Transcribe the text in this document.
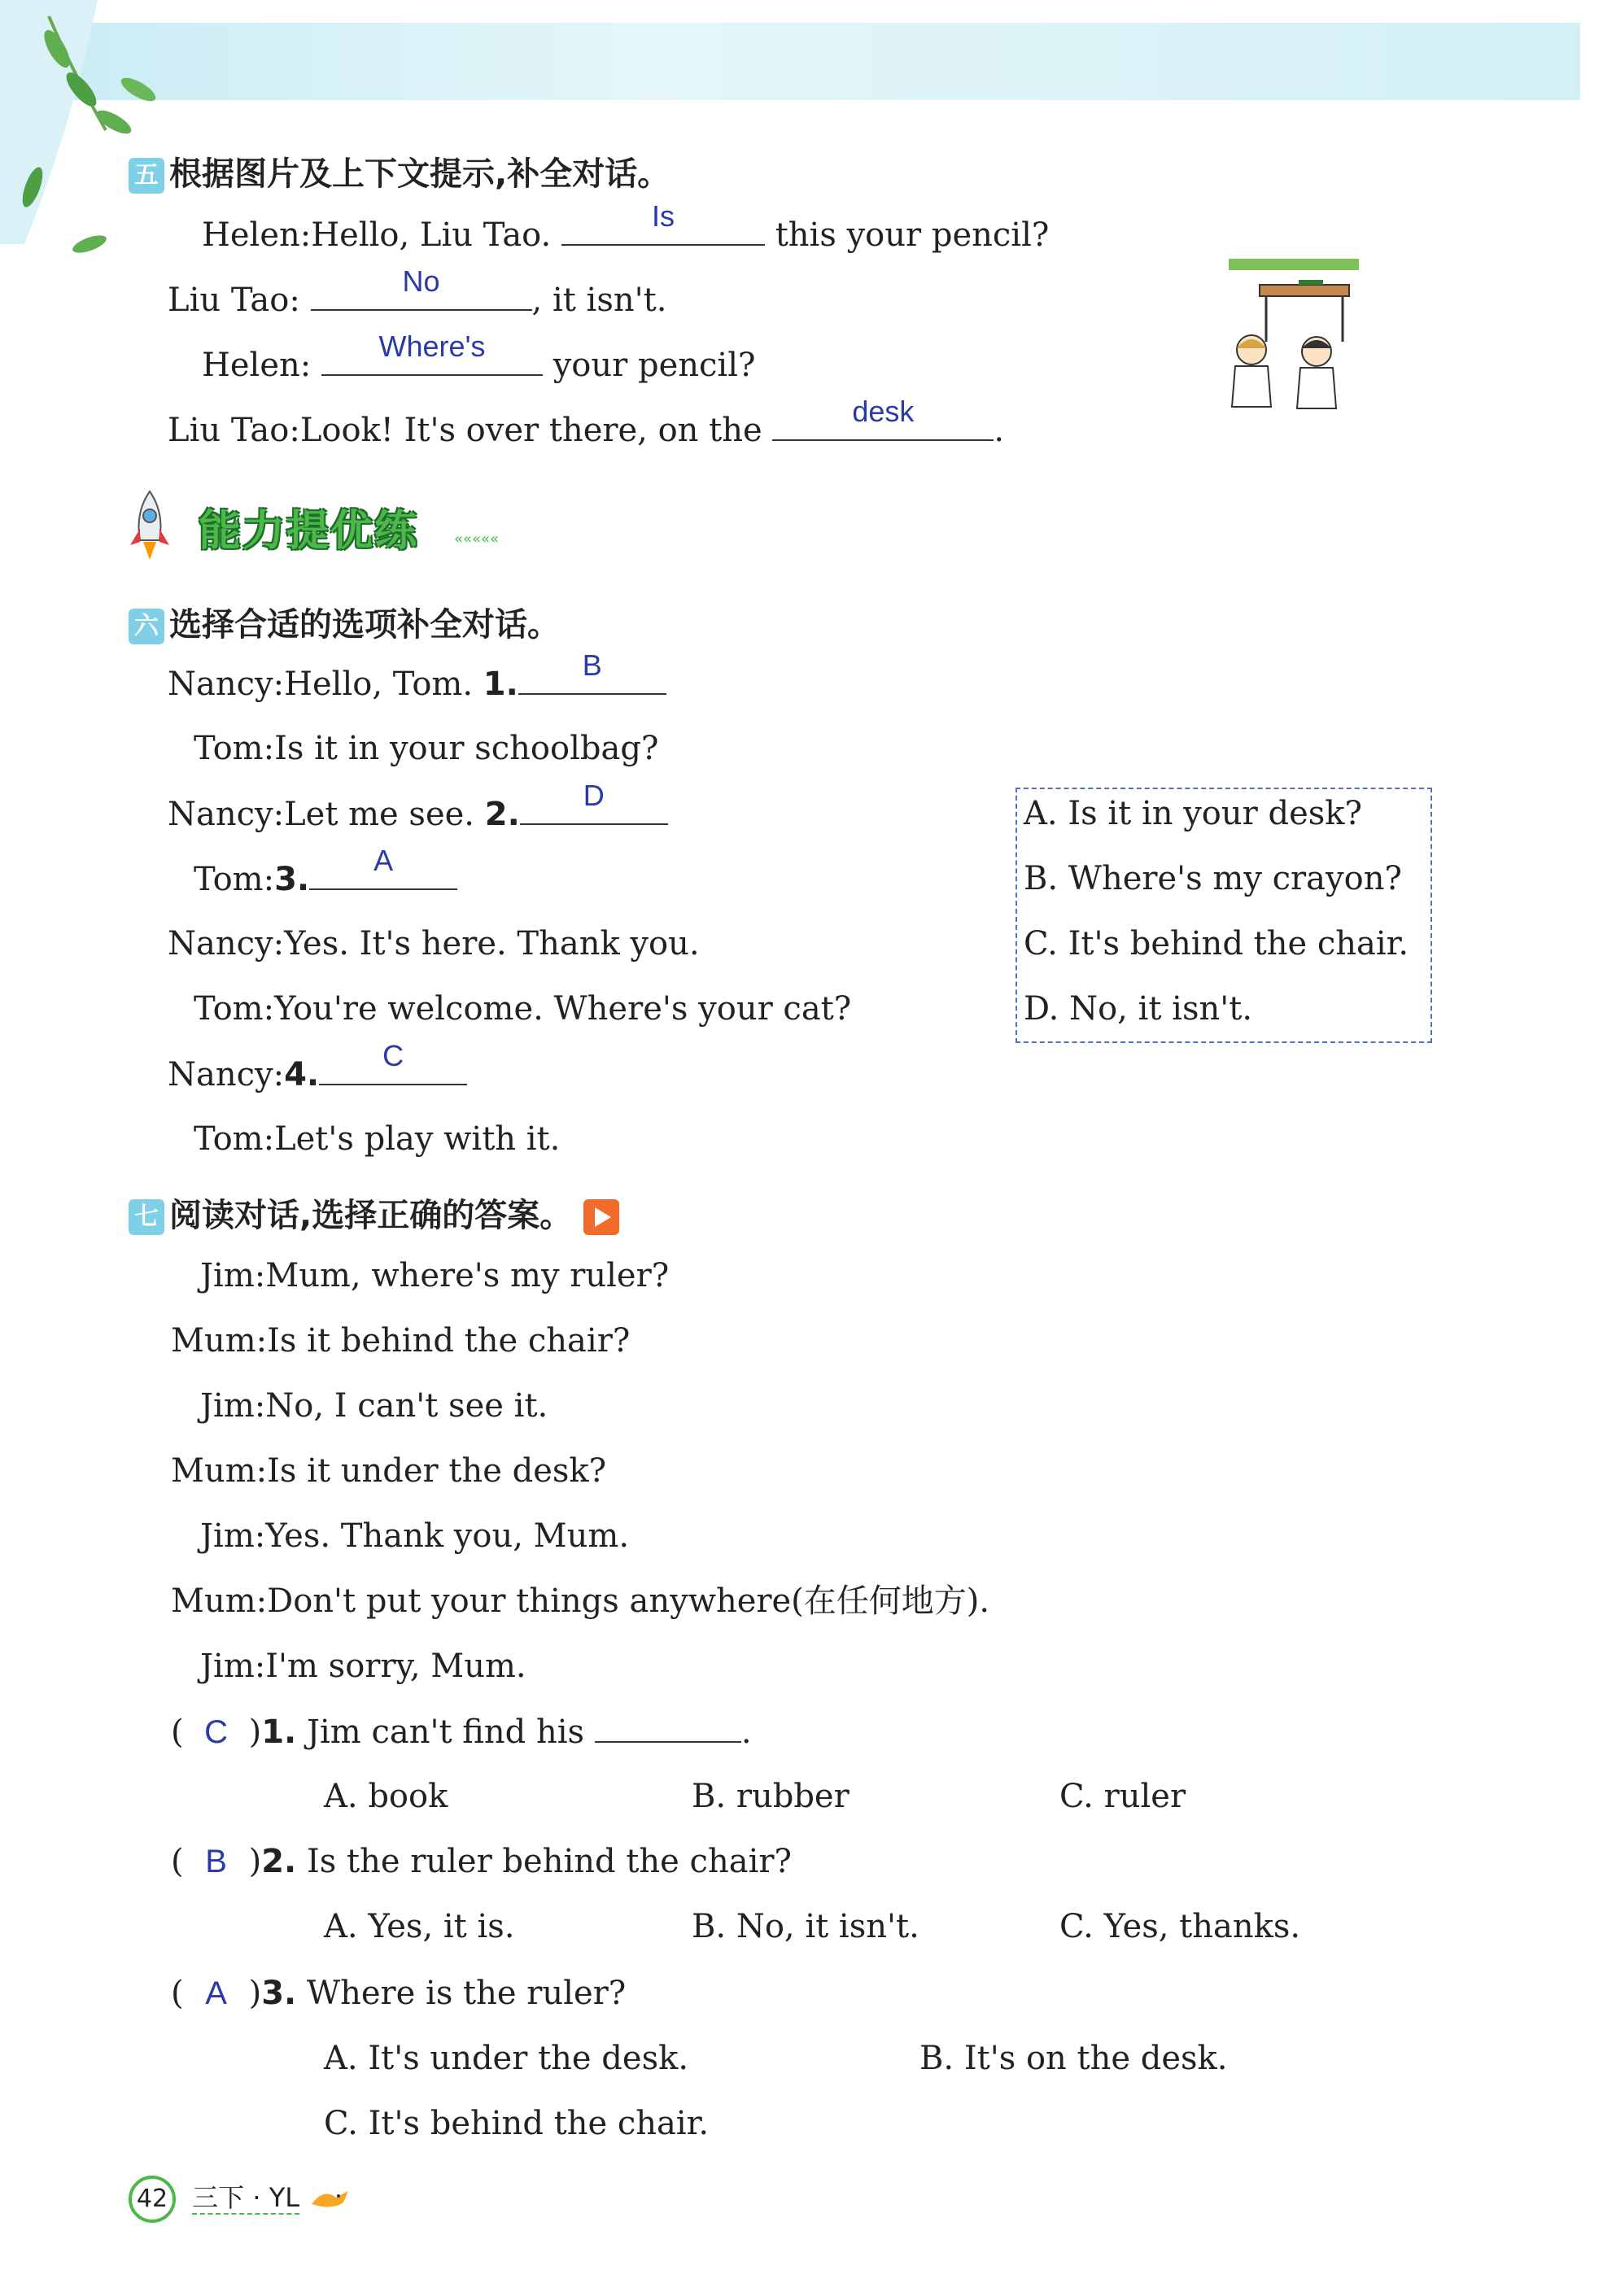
五 根据图片及上下文提示,补全对话。
Helen:Hello, Liu Tao.
Is
this your pencil?
Liu Tao:
No
, it isn't.
Helen:
Where's
your pencil?
Liu Tao:Look! It's over there, on the
desk
.
能力提优练 «««««
六 选择合适的选项补全对话。
Nancy:Hello, Tom. 1.
B
Tom:Is it in your schoolbag?
Nancy:Let me see. 2.
D
Tom:3.
A
Nancy:Yes. It's here. Thank you.
Tom:You're welcome. Where's your cat?
Nancy:4.
C
Tom:Let's play with it.
A. Is it in your desk?
B. Where's my crayon?
C. It's behind the chair.
D. No, it isn't.
七 阅读对话,选择正确的答案。
Jim:Mum, where's my ruler?
Mum:Is it behind the chair?
Jim:No, I can't see it.
Mum:Is it under the desk?
Jim:Yes. Thank you, Mum.
Mum:Don't put your things anywhere(在任何地方).
Jim:I'm sorry, Mum.
( C )1. Jim can't find his	.
A. book	B. rubber	C. ruler
( B )2. Is the ruler behind the chair?
A. Yes, it is.	B. No, it isn't.	C. Yes, thanks.
( A )3. Where is the ruler?
A. It's under the desk.	B. It's on the desk.
C. It's behind the chair.
42 三下 · YL
